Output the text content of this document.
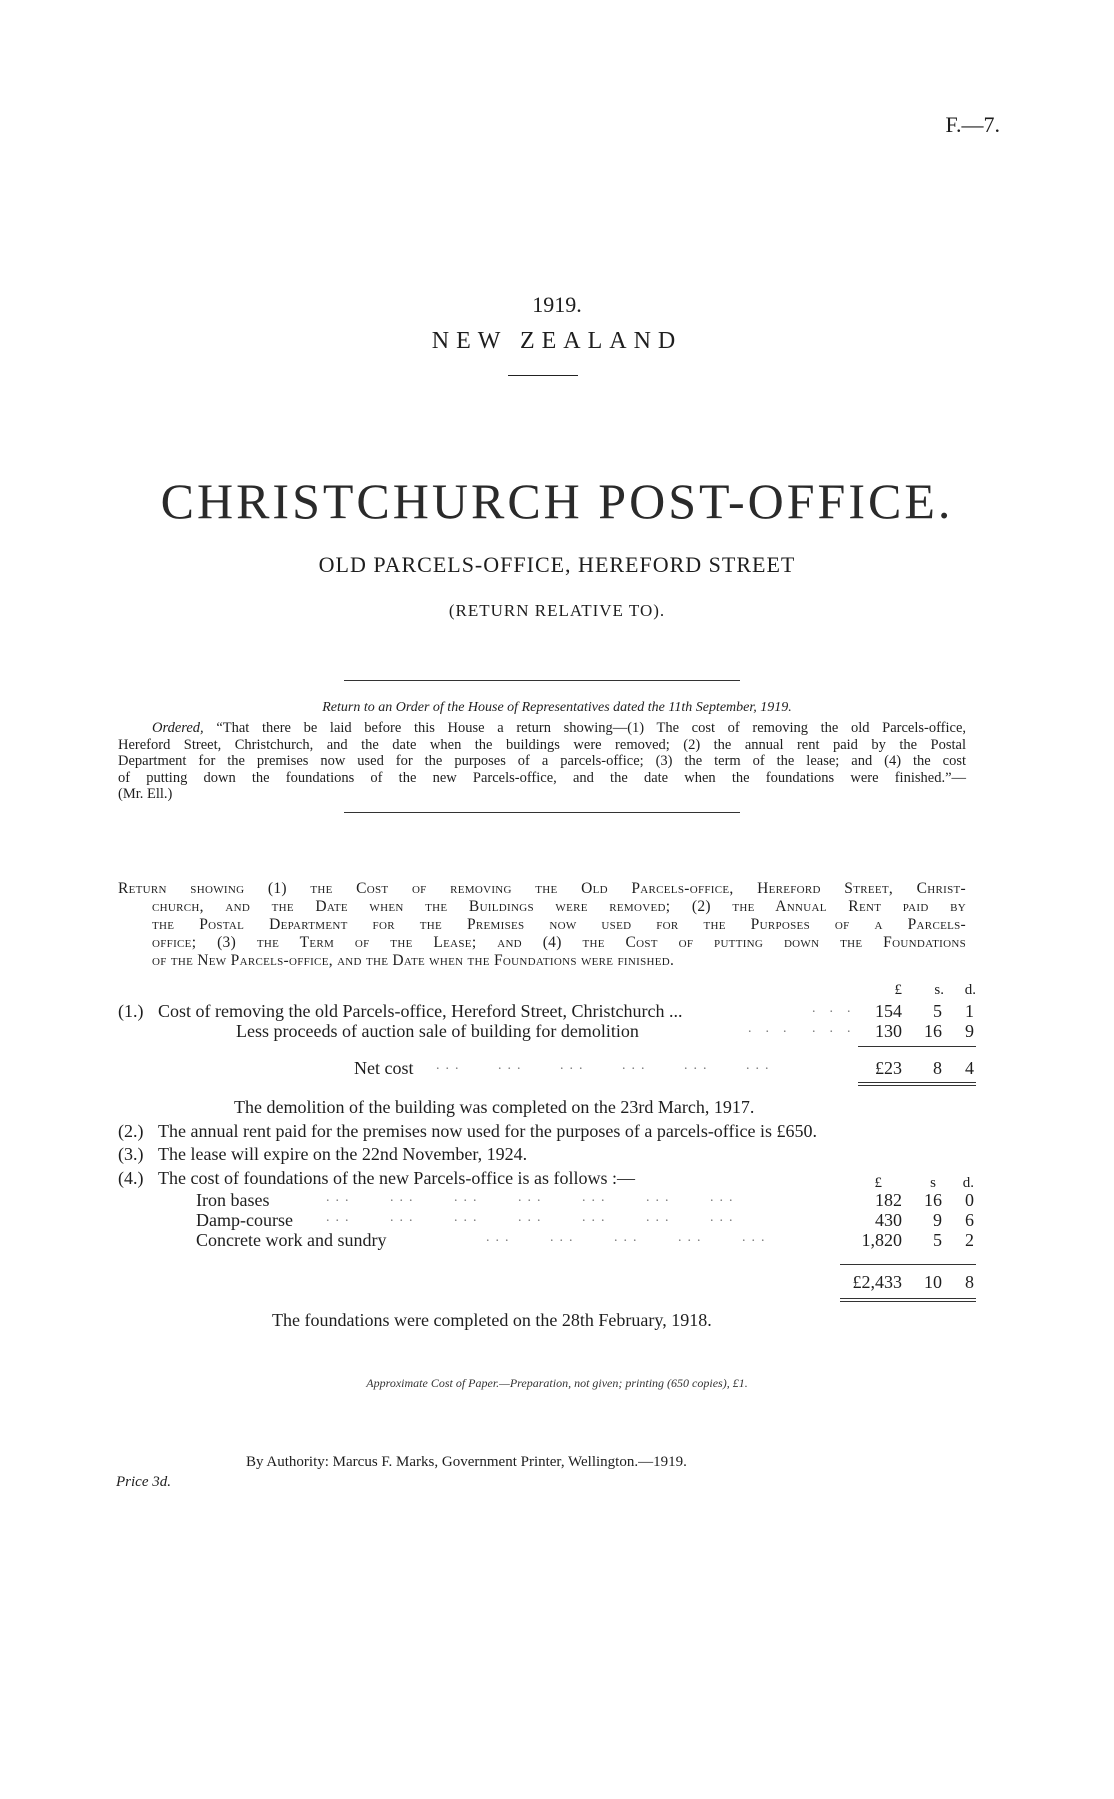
F.—7.
1919.
NEW ZEALAND
CHRISTCHURCH POST-OFFICE.
OLD PARCELS-OFFICE, HEREFORD STREET
(RETURN RELATIVE TO).
Return to an Order of the House of Representatives dated the 11th September, 1919.
Ordered, “That there be laid before this House a return showing—(1) The cost of removing the old Parcels-office,
Hereford Street, Christchurch, and the date when the buildings were removed; (2) the annual rent paid by the Postal
Department for the premises now used for the purposes of a parcels-office; (3) the term of the lease; and (4) the cost
of putting down the foundations of the new Parcels-office, and the date when the foundations were finished.”—
(Mr. Ell.)
Return showing (1) the Cost of removing the Old Parcels-office, Hereford Street, Christ-
church, and the Date when the Buildings were removed; (2) the Annual Rent paid by
the Postal Department for the Premises now used for the Purposes of a Parcels-
office; (3) the Term of the Lease; and (4) the Cost of putting down the Foundations
of the New Parcels-office, and the Date when the Foundations were finished.
£	s.	d.
(1.) Cost of removing the old Parcels-office, Hereford Street, Christchurch ...	... 154	5	1
Less proceeds of auction sale of building for demolition	... ... 130	16	9
Net cost ... ... ... ... ... ...	£23	8	4
The demolition of the building was completed on the 23rd March, 1917.
(2.) The annual rent paid for the premises now used for the purposes of a parcels-office is £650.
(3.) The lease will expire on the 22nd November, 1924.
(4.) The cost of foundations of the new Parcels-office is as follows :—	£	s	d.
Iron bases	... ... ... ... ... ... ...	182	16	0
Damp-course ... ... ... ... ... ... ...	430	9	6
Concrete work and sundry	... ... ... ... ...	1,820	5	2
£2,433	10	8
The foundations were completed on the 28th February, 1918.
Approximate Cost of Paper.—Preparation, not given; printing (650 copies), £1.
Price 3d.
By Authority: Marcus F. Marks, Government Printer, Wellington.—1919.
